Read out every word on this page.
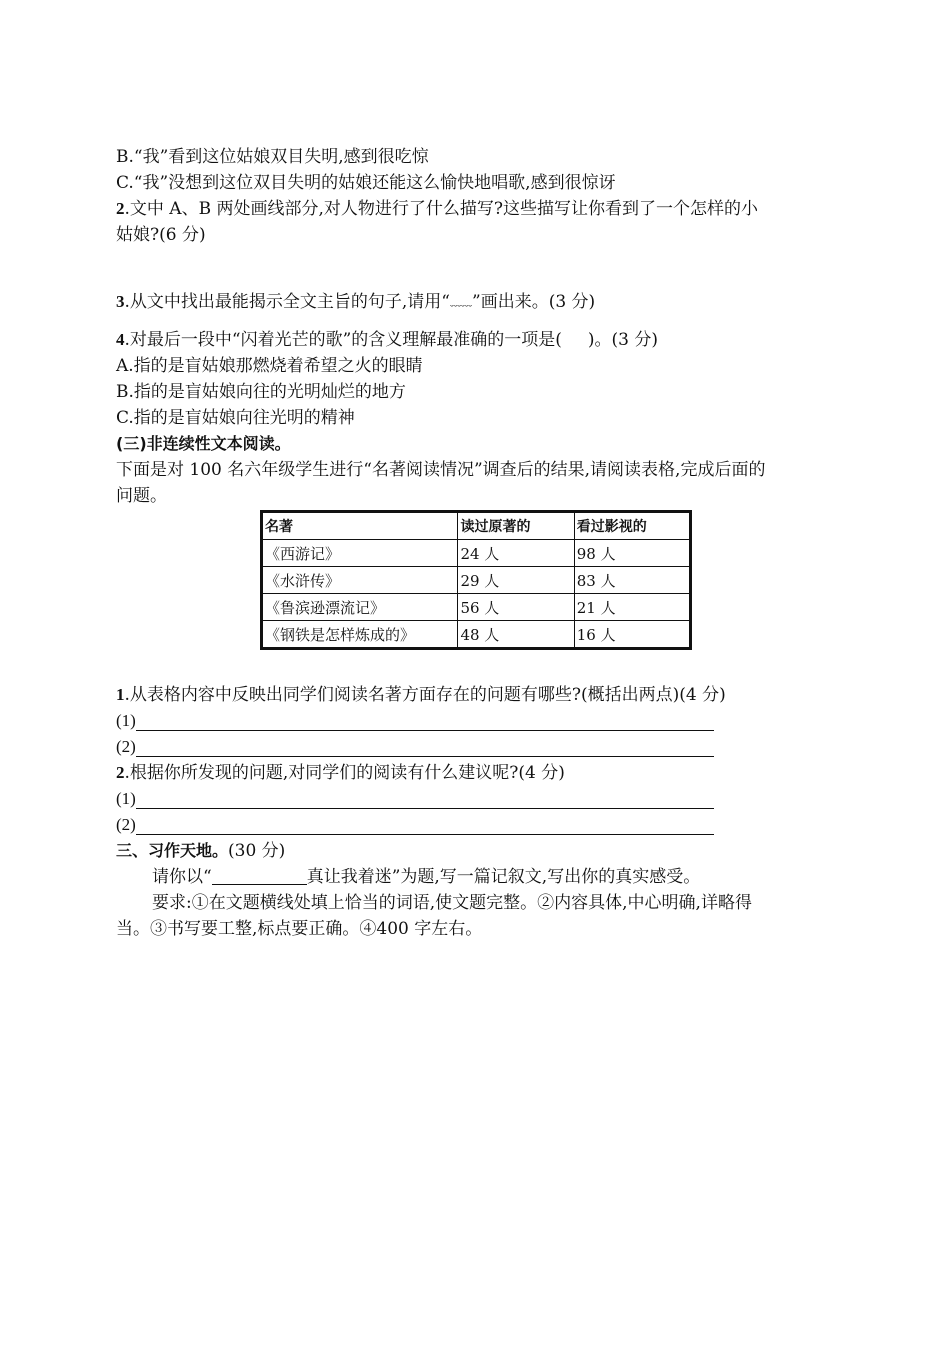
B.“我”看到这位姑娘双目失明,感到很吃惊
C.“我”没想到这位双目失明的姑娘还能这么愉快地唱歌,感到很惊讶
2.文中 A、B 两处画线部分,对人物进行了什么描写?这些描写让你看到了一个怎样的小
姑娘?(6 分)
3.从文中找出最能揭示全文主旨的句子,请用“﹏﹏”画出来。(3 分)
4.对最后一段中“闪着光芒的歌”的含义理解最准确的一项是( )。(3 分)
A.指的是盲姑娘那燃烧着希望之火的眼睛
B.指的是盲姑娘向往的光明灿烂的地方
C.指的是盲姑娘向往光明的精神
(三)非连续性文本阅读。
下面是对 100 名六年级学生进行“名著阅读情况”调查后的结果,请阅读表格,完成后面的
问题。
名著	读过原著的	看过影视的
《西游记》	24 人	98 人
《水浒传》	29 人	83 人
《鲁滨逊漂流记》	56 人	21 人
《钢铁是怎样炼成的》	48 人	16 人
1.从表格内容中反映出同学们阅读名著方面存在的问题有哪些?(概括出两点)(4 分)
(1)
(2)
2.根据你所发现的问题,对同学们的阅读有什么建议呢?(4 分)
(1)
(2)
三、习作天地。(30 分)
请你以“	真让我着迷”为题,写一篇记叙文,写出你的真实感受。
要求:①在文题横线处填上恰当的词语,使文题完整。②内容具体,中心明确,详略得
当。③书写要工整,标点要正确。④400 字左右。
